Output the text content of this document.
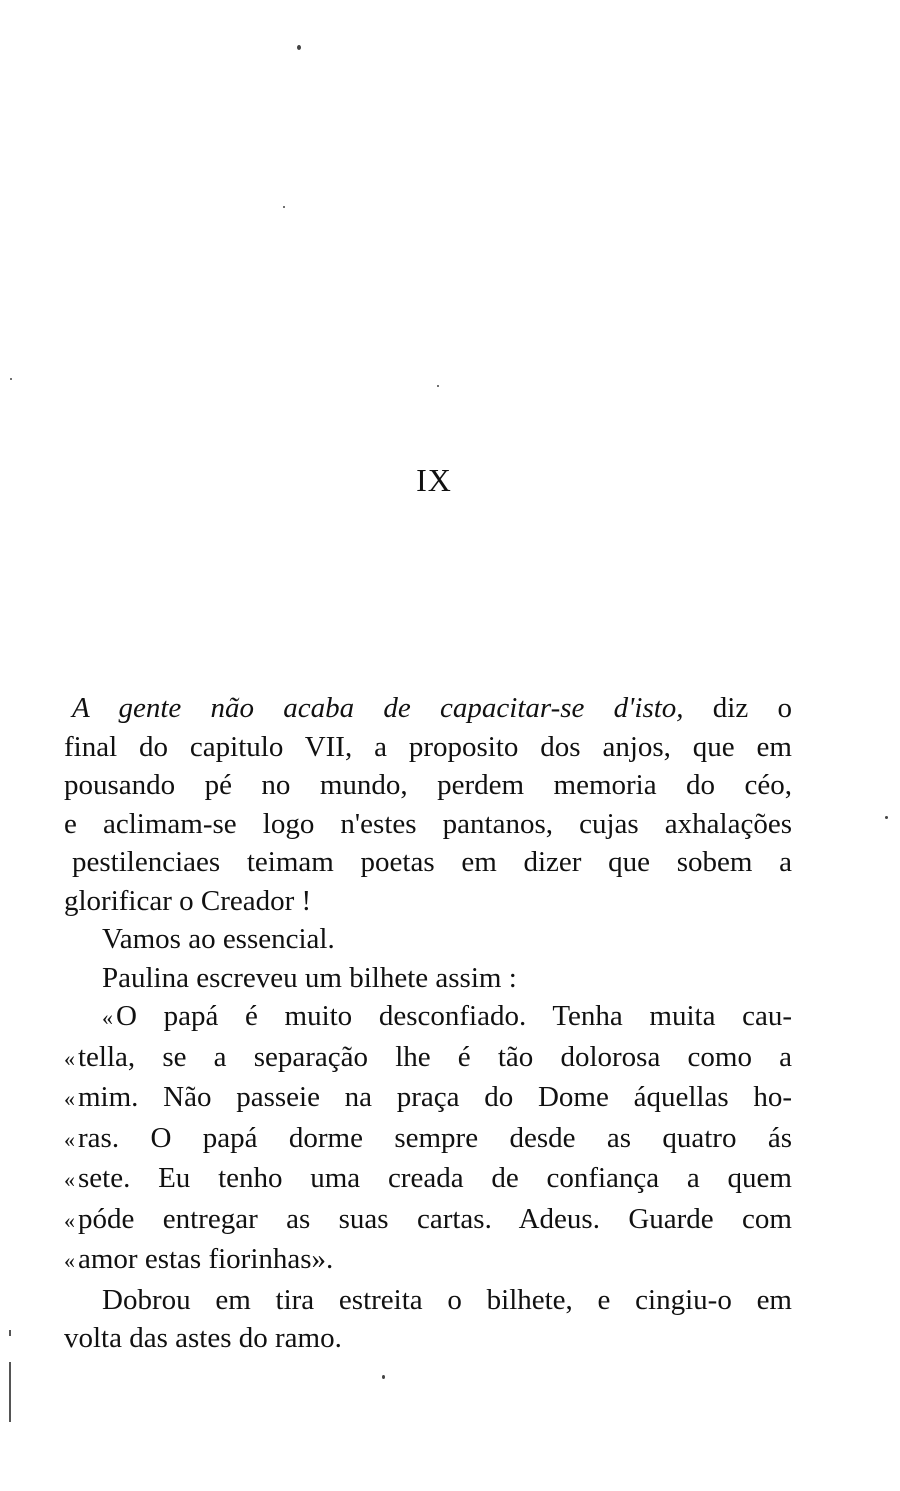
IX
A gente não acaba de capacitar-se d'isto, diz o
final do capitulo VII, a proposito dos anjos, que em
pousando pé no mundo, perdem memoria do céo,
e aclimam-se logo n'estes pantanos, cujas axhalações
pestilenciaes teimam poetas em dizer que sobem a
glorificar o Creador !
Vamos ao essencial.
Paulina escreveu um bilhete assim :
« O papá é muito desconfiado. Tenha muita cau-
« tella, se a separação lhe é tão dolorosa como a
« mim. Não passeie na praça do Dome áquellas ho-
« ras. O papá dorme sempre desde as quatro ás
« sete. Eu tenho uma creada de confiança a quem
« póde entregar as suas cartas. Adeus. Guarde com
« amor estas fiorinhas».
Dobrou em tira estreita o bilhete, e cingiu-o em
volta das astes do ramo.
